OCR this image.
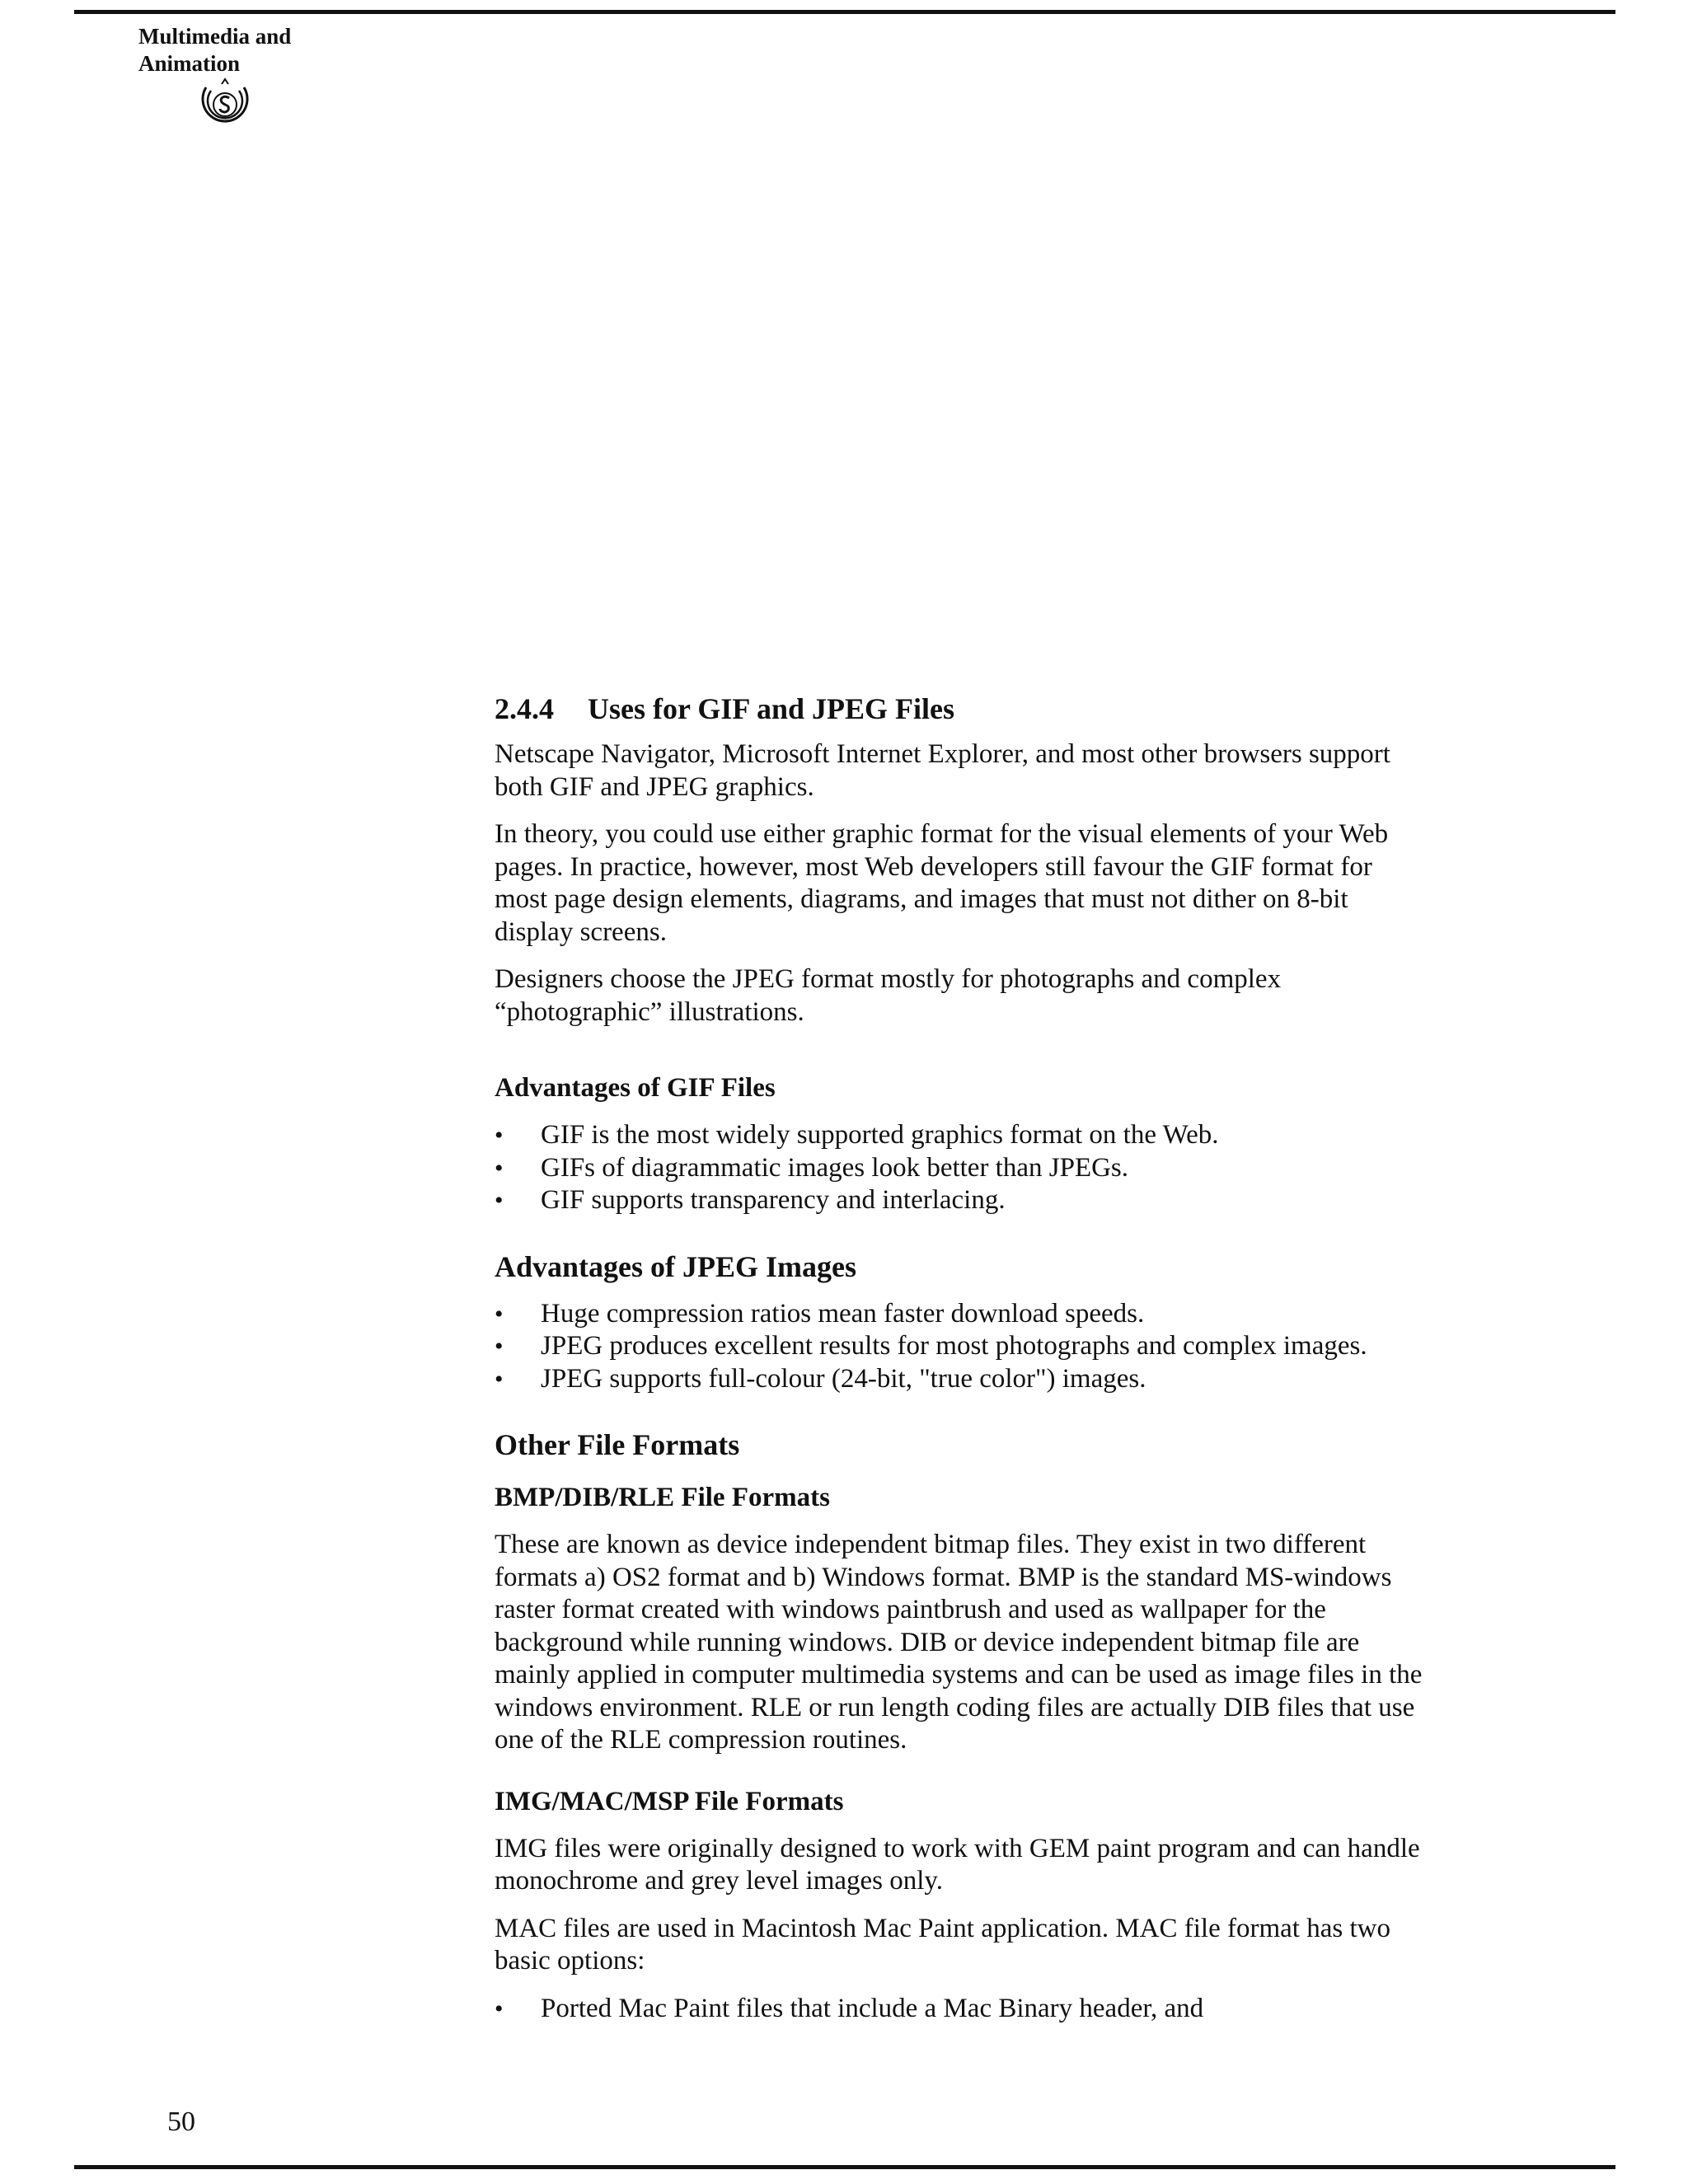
Multimedia and
Animation
2.4.4 Uses for GIF and JPEG Files
Netscape Navigator, Microsoft Internet Explorer, and most other browsers support
both GIF and JPEG graphics.
In theory, you could use either graphic format for the visual elements of your Web
pages. In practice, however, most Web developers still favour the GIF format for
most page design elements, diagrams, and images that must not dither on 8-bit
display screens.
Designers choose the JPEG format mostly for photographs and complex
“photographic” illustrations.
Advantages of GIF Files
• GIF is the most widely supported graphics format on the Web.
• GIFs of diagrammatic images look better than JPEGs.
• GIF supports transparency and interlacing.
Advantages of JPEG Images
• Huge compression ratios mean faster download speeds.
• JPEG produces excellent results for most photographs and complex images.
• JPEG supports full-colour (24-bit, "true color") images.
Other File Formats
BMP/DIB/RLE File Formats
These are known as device independent bitmap files. They exist in two different
formats a) OS2 format and b) Windows format. BMP is the standard MS-windows
raster format created with windows paintbrush and used as wallpaper for the
background while running windows. DIB or device independent bitmap file are
mainly applied in computer multimedia systems and can be used as image files in the
windows environment. RLE or run length coding files are actually DIB files that use
one of the RLE compression routines.
IMG/MAC/MSP File Formats
IMG files were originally designed to work with GEM paint program and can handle
monochrome and grey level images only.
MAC files are used in Macintosh Mac Paint application. MAC file format has two
basic options:
• Ported Mac Paint files that include a Mac Binary header, and
50
